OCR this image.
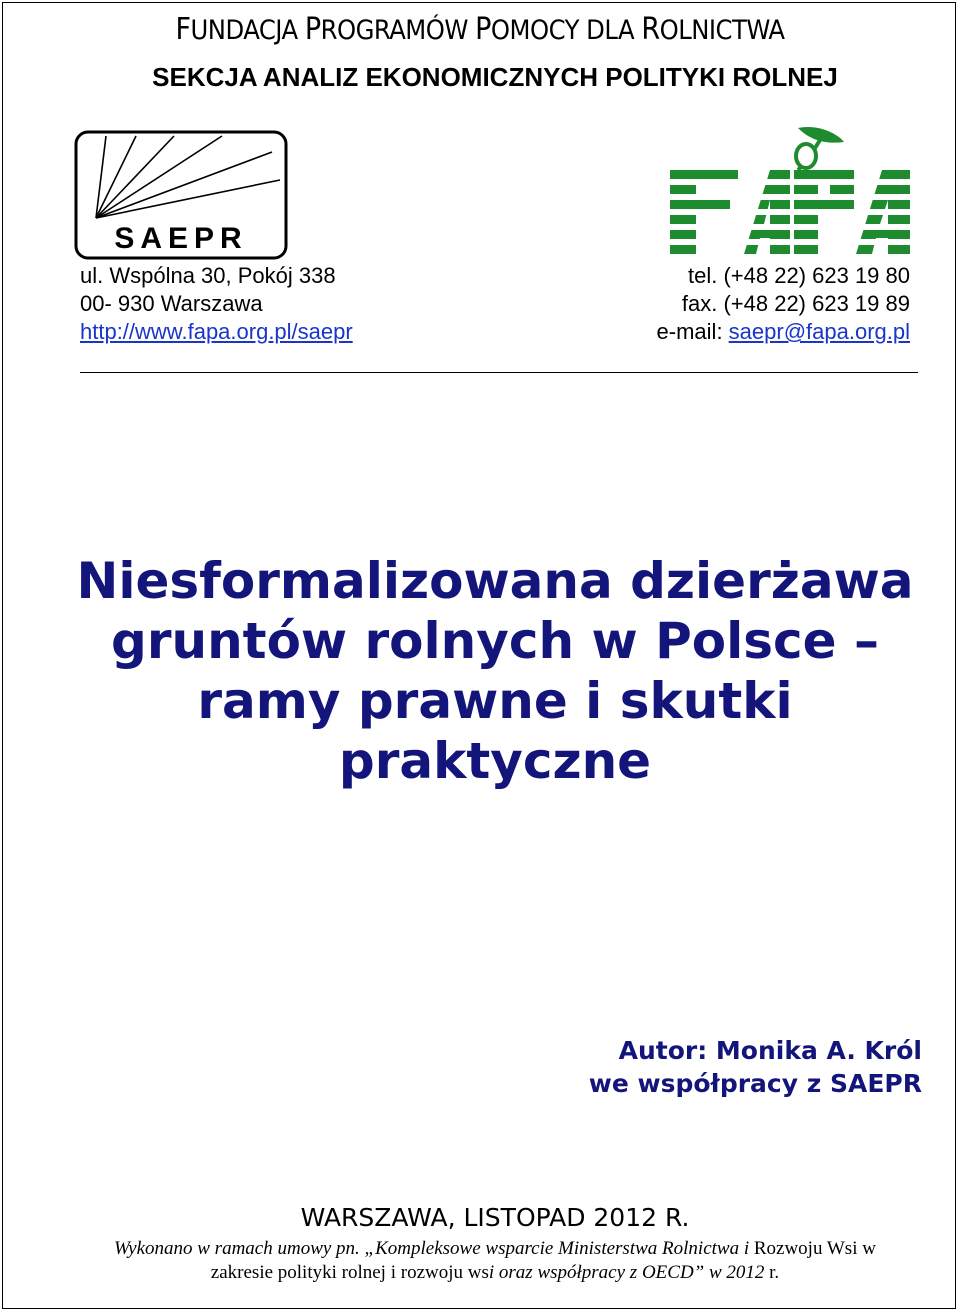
FUNDACJA PROGRAMÓW POMOCY DLA ROLNICTWA
SEKCJA ANALIZ EKONOMICZNYCH POLITYKI ROLNEJ
SAEPR
FAPA
ul. Wspólna 30, Pokój 338
00- 930 Warszawa
http://www.fapa.org.pl/saepr
tel. (+48 22) 623 19 80
fax. (+48 22) 623 19 89
e-mail: saepr@fapa.org.pl
Niesformalizowana dzierżawa
gruntów rolnych w Polsce –
ramy prawne i skutki
praktyczne
Autor: Monika A. Król
we współpracy z SAEPR
WARSZAWA, LISTOPAD 2012 R.
Wykonano w ramach umowy pn. „Kompleksowe wsparcie Ministerstwa Rolnictwa i Rozwoju Wsi w
zakresie polityki rolnej i rozwoju wsi oraz współpracy z OECD” w 2012 r.
